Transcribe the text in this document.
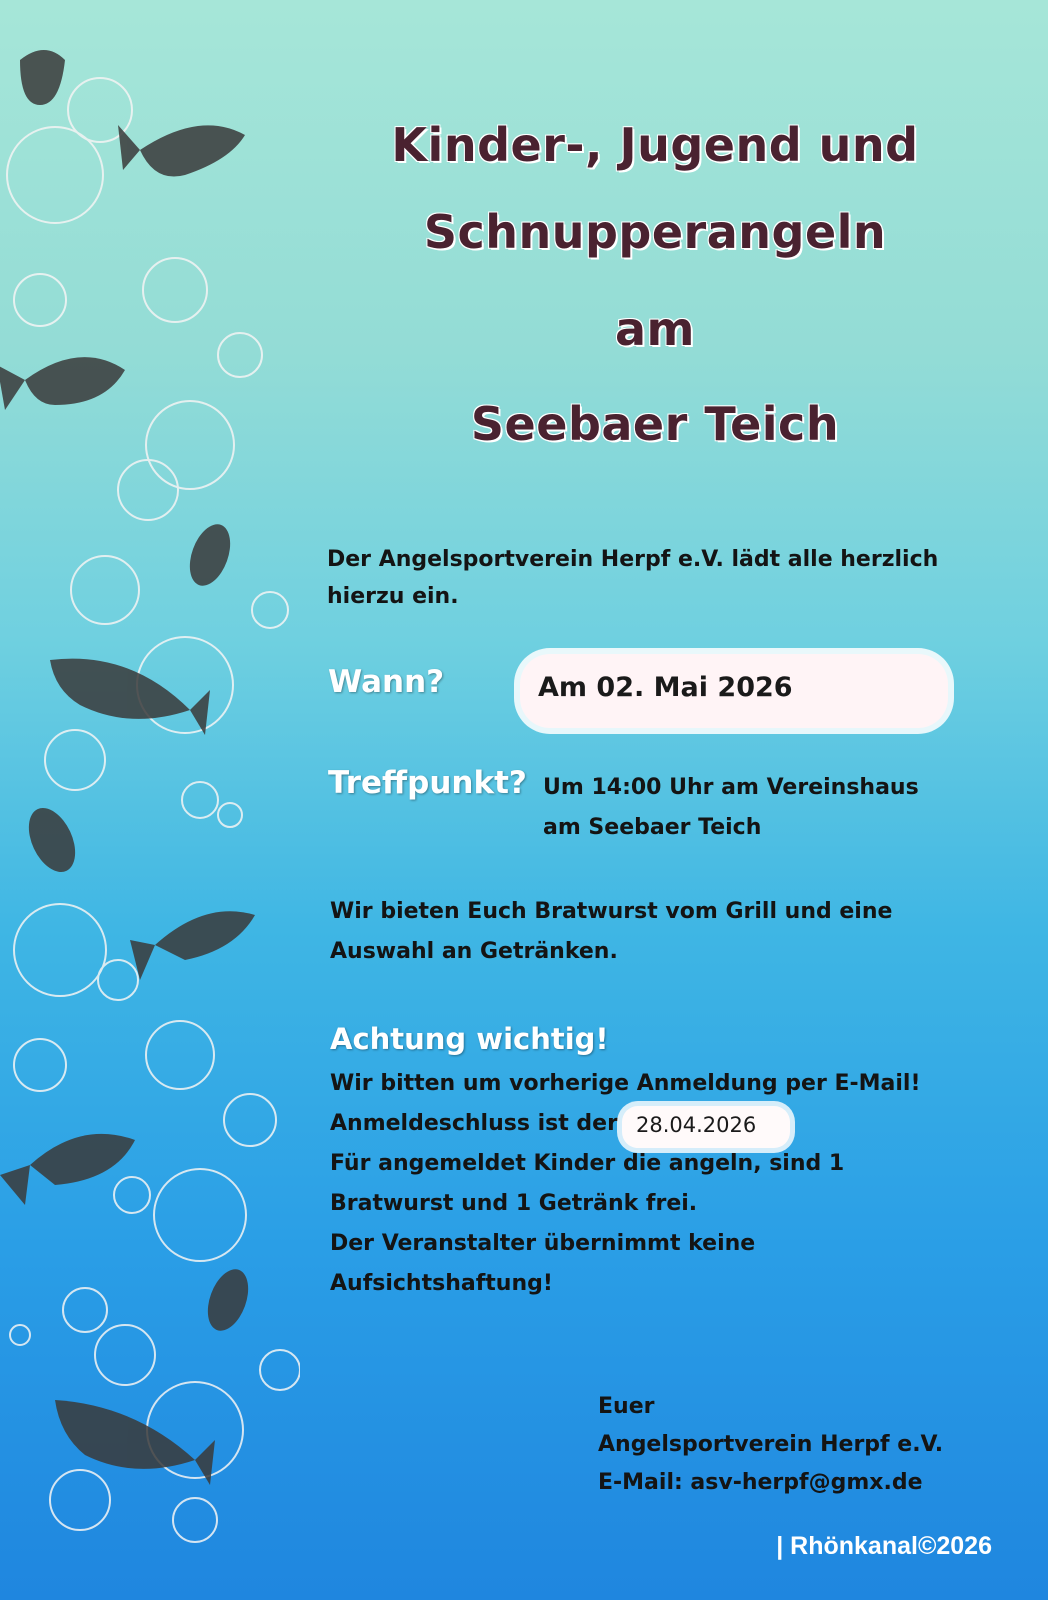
Kinder-, Jugend und
Schnupperangeln
am
Seebaer Teich
Der Angelsportverein Herpf e.V. lädt alle herzlich
hierzu ein.
Wann?	Am 02. Mai 2026
Treffpunkt? Um 14:00 Uhr am Vereinshaus
am Seebaer Teich
Wir bieten Euch Bratwurst vom Grill und eine
Auswahl an Getränken.
Achtung wichtig!
Wir bitten um vorherige Anmeldung per E-Mail!
Anmeldeschluss ist der
Für angemeldet Kinder die angeln, sind 1
Bratwurst und 1 Getränk frei.
Der Veranstalter übernimmt keine
Aufsichtshaftung!
28.04.2026
Euer
Angelsportverein Herpf e.V.
E-Mail: asv-herpf@gmx.de
| Rhönkanal©2026
